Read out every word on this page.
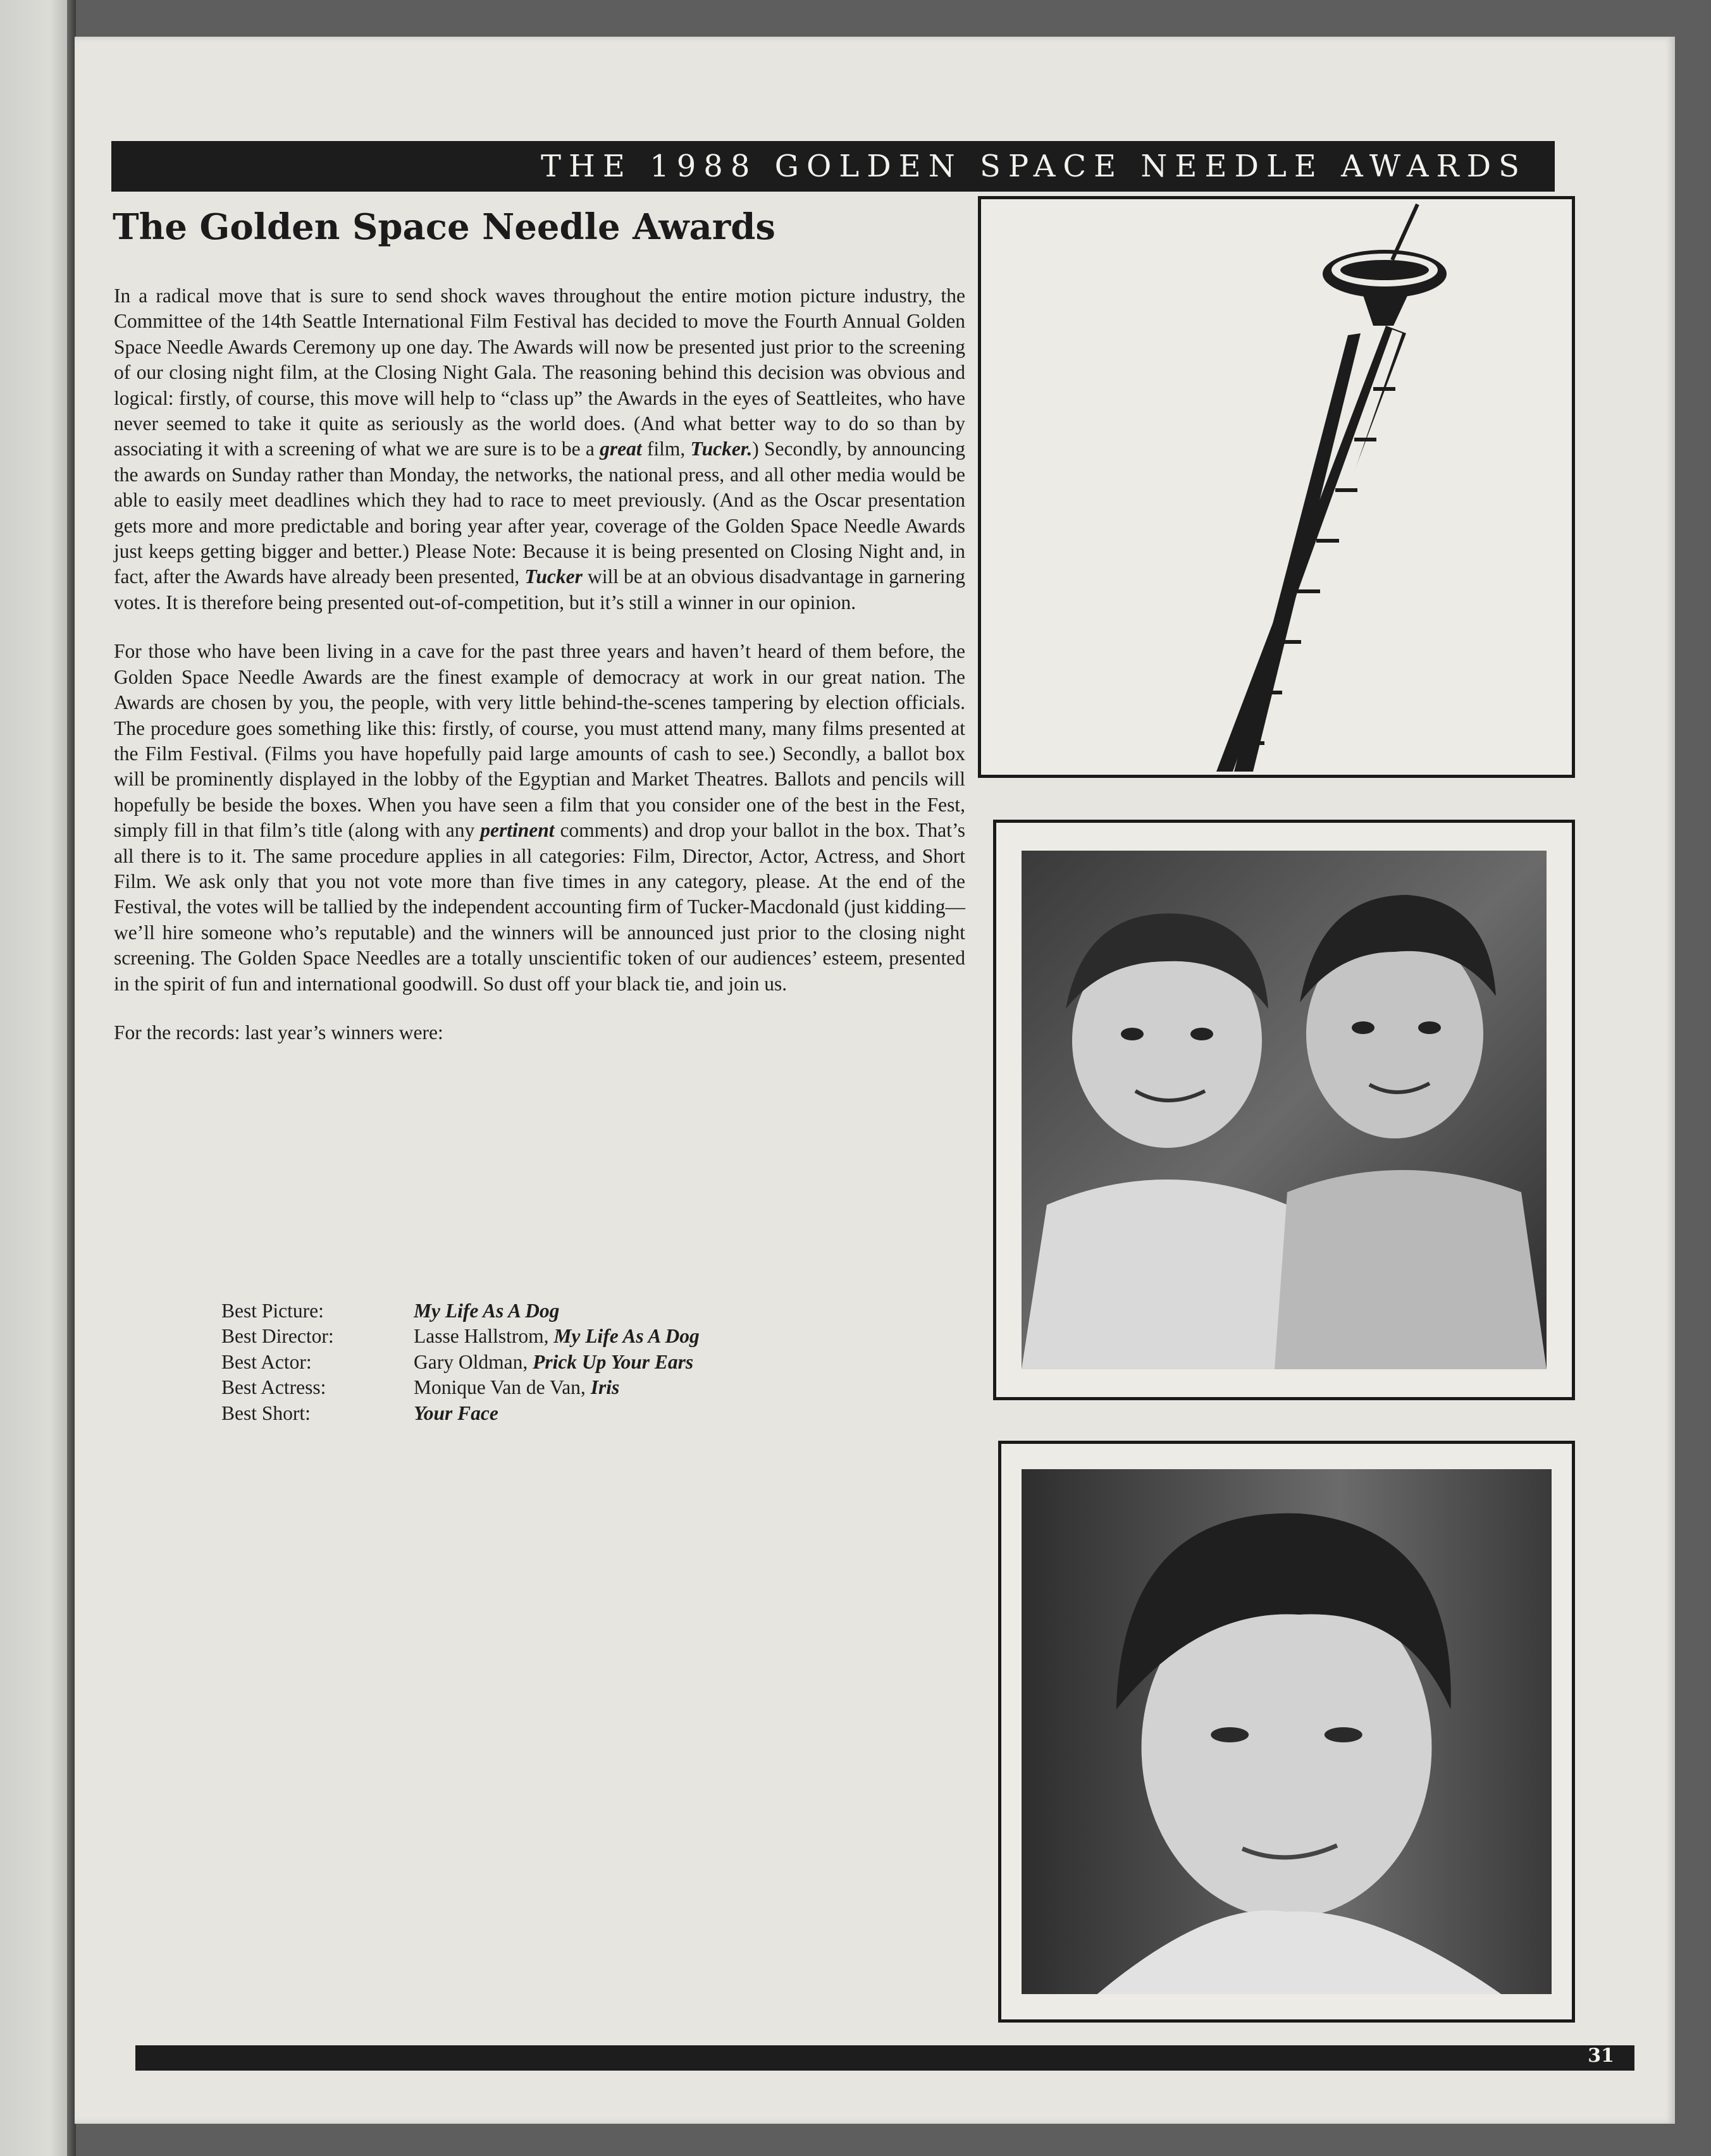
THE 1988 GOLDEN SPACE NEEDLE AWARDS
The Golden Space Needle Awards

In a radical move that is sure to send shock waves throughout the entire motion picture industry, the Committee of the 14th Seattle International Film Festival has decided to move the Fourth Annual Golden Space Needle Awards Ceremony up one day. The Awards will now be presented just prior to the screening of our closing night film, at the Closing Night Gala. The reasoning behind this decision was obvious and logical: firstly, of course, this move will help to “class up” the Awards in the eyes of Seattleites, who have never seemed to take it quite as seriously as the world does. (And what better way to do so than by associating it with a screening of what we are sure is to be a great film, Tucker.) Secondly, by announcing the awards on Sunday rather than Monday, the networks, the national press, and all other media would be able to easily meet deadlines which they had to race to meet previously. (And as the Oscar presentation gets more and more predictable and boring year after year, coverage of the Golden Space Needle Awards just keeps getting bigger and better.) Please Note: Because it is being presented on Closing Night and, in fact, after the Awards have already been presented, Tucker will be at an obvious disadvantage in garnering votes. It is therefore being presented out-of-competition, but it’s still a winner in our opinion.

For those who have been living in a cave for the past three years and haven’t heard of them before, the Golden Space Needle Awards are the finest example of democracy at work in our great nation. The Awards are chosen by you, the people, with very little behind-the-scenes tampering by election officials. The procedure goes something like this: firstly, of course, you must attend many, many films presented at the Film Festival. (Films you have hopefully paid large amounts of cash to see.) Secondly, a ballot box will be prominently displayed in the lobby of the Egyptian and Market Theatres. Ballots and pencils will hopefully be beside the boxes. When you have seen a film that you consider one of the best in the Fest, simply fill in that film’s title (along with any pertinent comments) and drop your ballot in the box. That’s all there is to it. The same procedure applies in all categories: Film, Director, Actor, Actress, and Short Film. We ask only that you not vote more than five times in any category, please. At the end of the Festival, the votes will be tallied by the independent accounting firm of Tucker-Macdonald (just kidding—we’ll hire someone who’s reputable) and the winners will be announced just prior to the closing night screening. The Golden Space Needles are a totally unscientific token of our audiences’ esteem, presented in the spirit of fun and international goodwill. So dust off your black tie, and join us.

For the records: last year’s winners were:

Best Picture:	My Life As A Dog
Best Director:	Lasse Hallstrom, My Life As A Dog
Best Actor:	Gary Oldman, Prick Up Your Ears
Best Actress:	Monique Van de Van, Iris
Best Short:	Your Face
31
